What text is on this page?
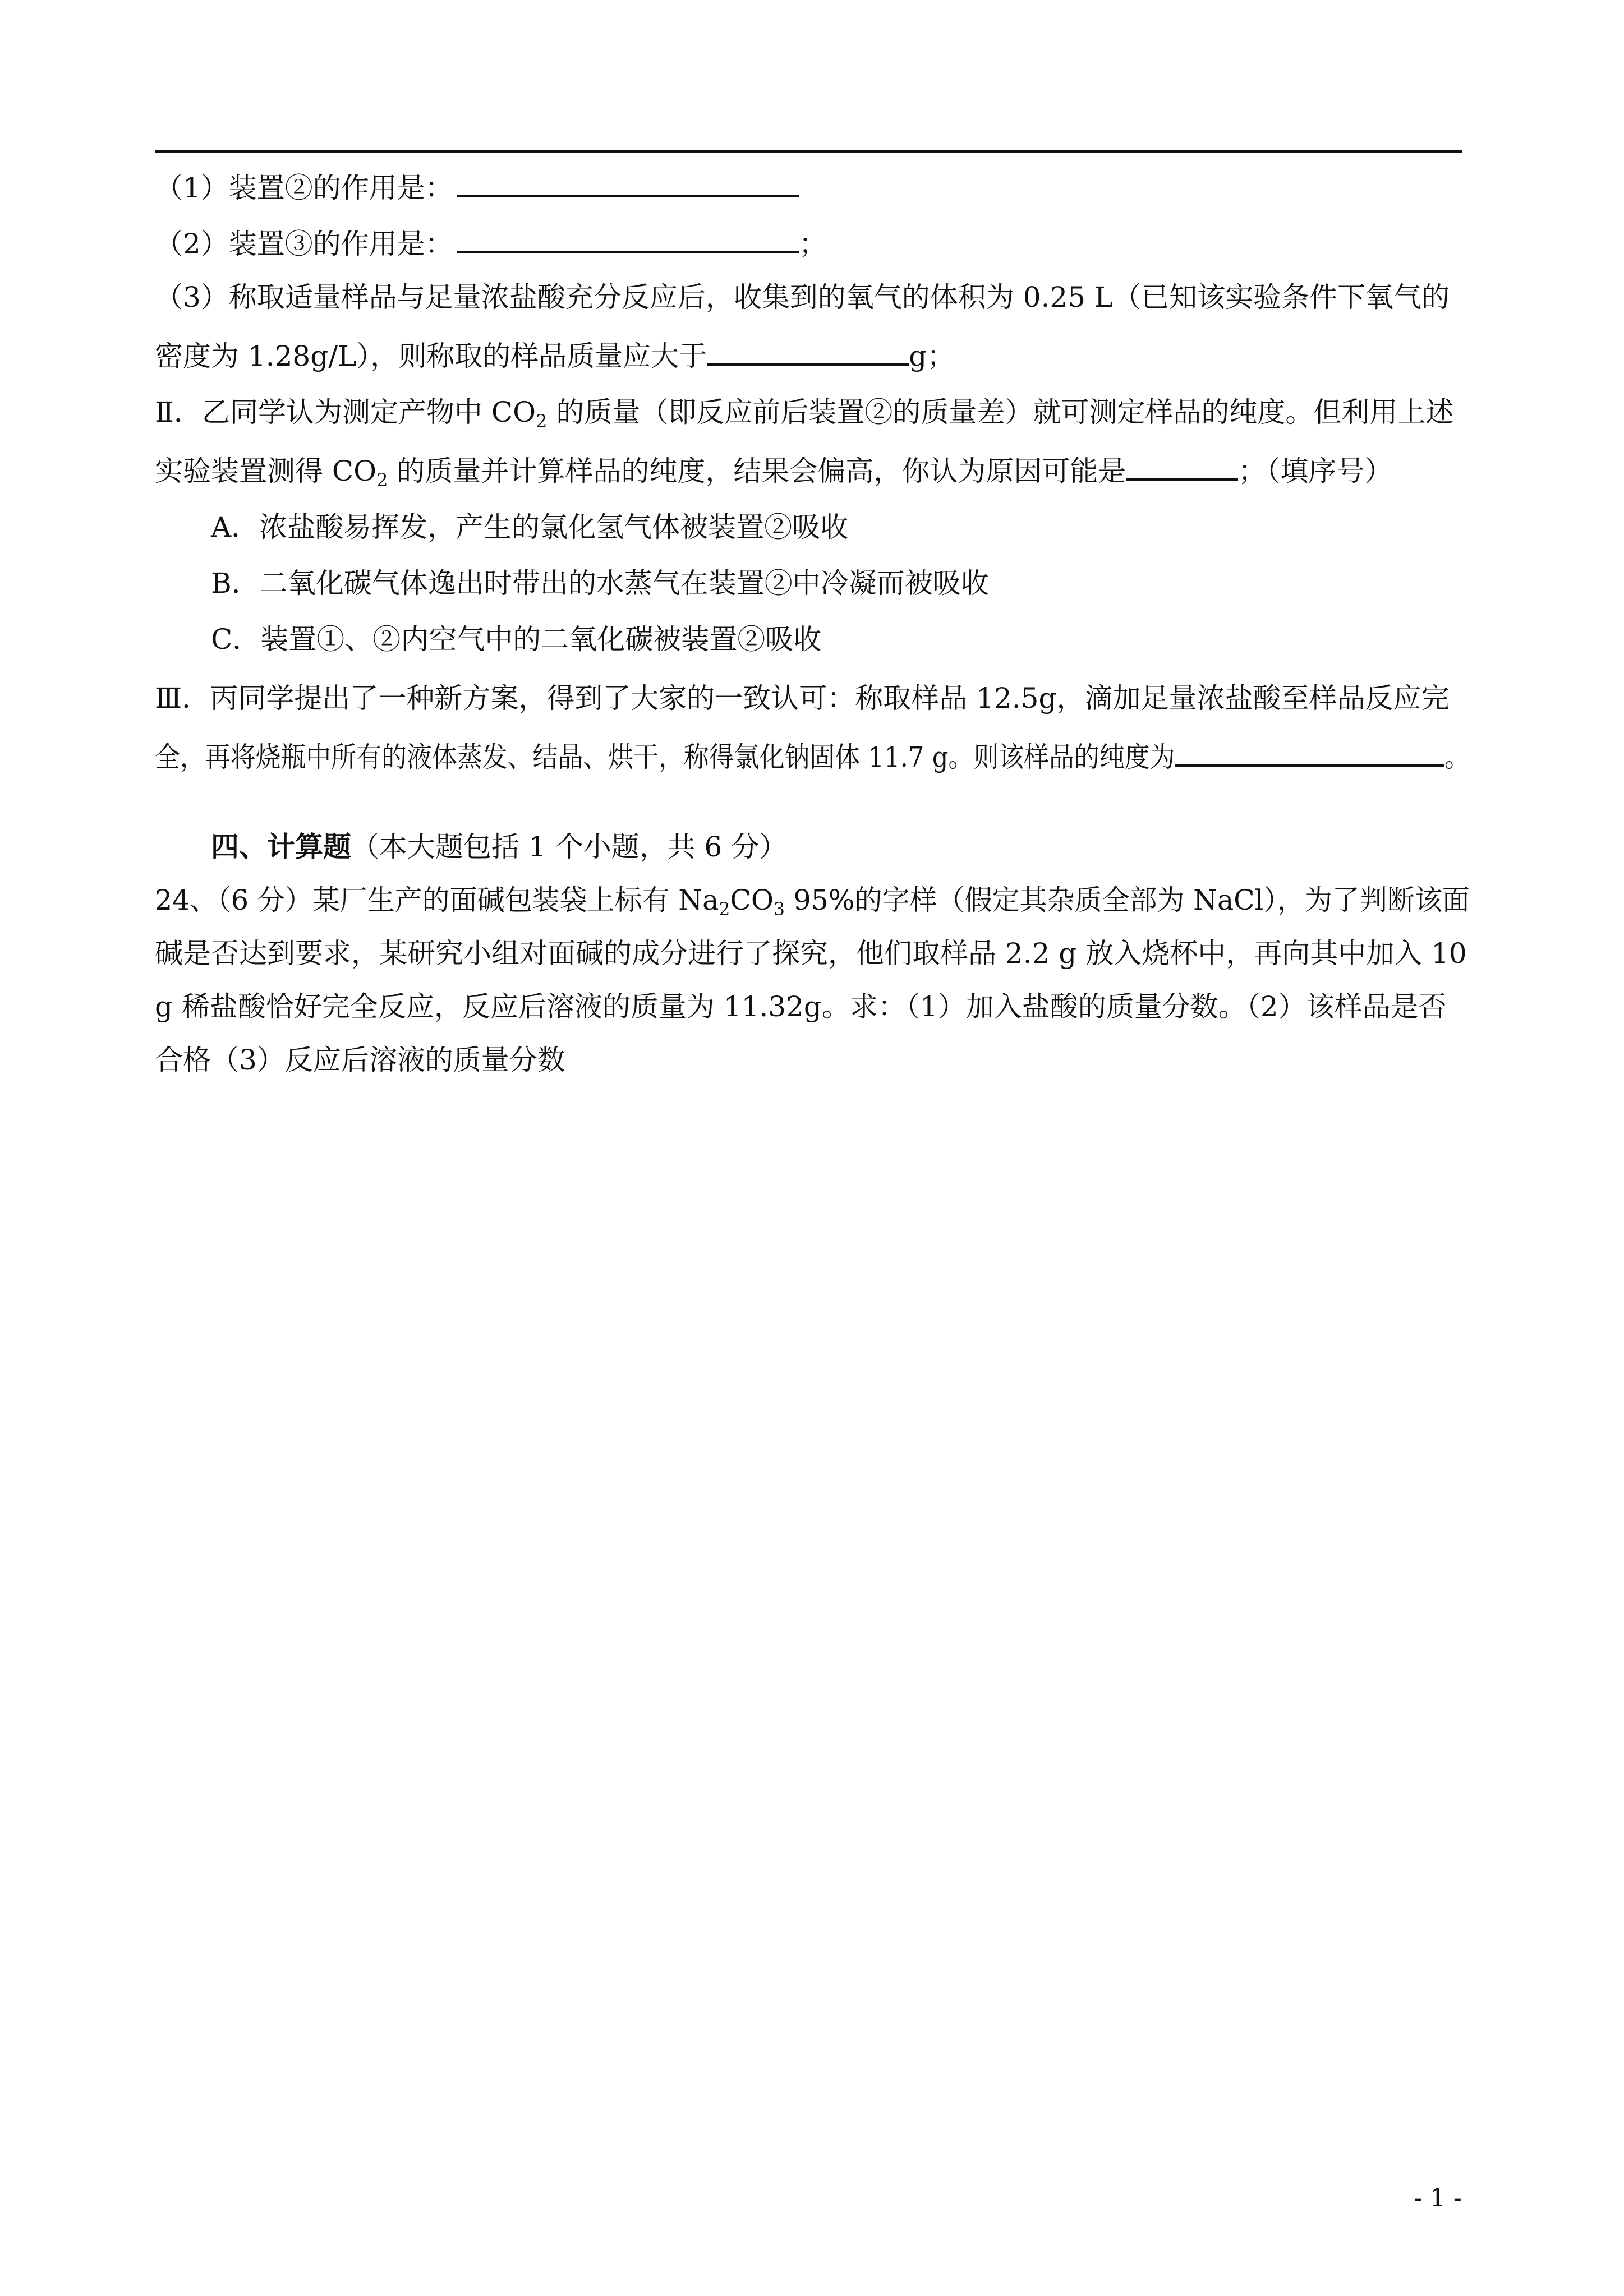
（1）装置②的作用是：
（2）装置③的作用是：	；
（3）称取适量样品与足量浓盐酸充分反应后，收集到的氧气的体积为 0.25 L（已知该实验条件下氧气的
密度为 1.28g/L），则称取的样品质量应大于	g；
Ⅱ．乙同学认为测定产物中 $CO_2$ 的质量（即反应前后装置②的质量差）就可测定样品的纯度。但利用上述
实验装置测得 $CO_2$ 的质量并计算样品的纯度，结果会偏高，你认为原因可能是	；（填序号）
A．浓盐酸易挥发，产生的氯化氢气体被装置②吸收
B．二氧化碳气体逸出时带出的水蒸气在装置②中冷凝而被吸收
C．装置①、②内空气中的二氧化碳被装置②吸收
Ⅲ．丙同学提出了一种新方案，得到了大家的一致认可：称取样品 12.5g，滴加足量浓盐酸至样品反应完
全，再将烧瓶中所有的液体蒸发、结晶、烘干，称得氯化钠固体 11.7 g。则该样品的纯度为	。
四、计算题（本大题包括 1 个小题，共 6 分）
24、（6 分）某厂生产的面碱包装袋上标有 $Na_2CO_3$ 95%的字样（假定其杂质全部为 NaCl），为了判断该面
碱是否达到要求，某研究小组对面碱的成分进行了探究，他们取样品 2.2 g 放入烧杯中，再向其中加入 10
g 稀盐酸恰好完全反应，反应后溶液的质量为 11.32g。求：（1）加入盐酸的质量分数。（2）该样品是否
合格（3）反应后溶液的质量分数
- 1 -
